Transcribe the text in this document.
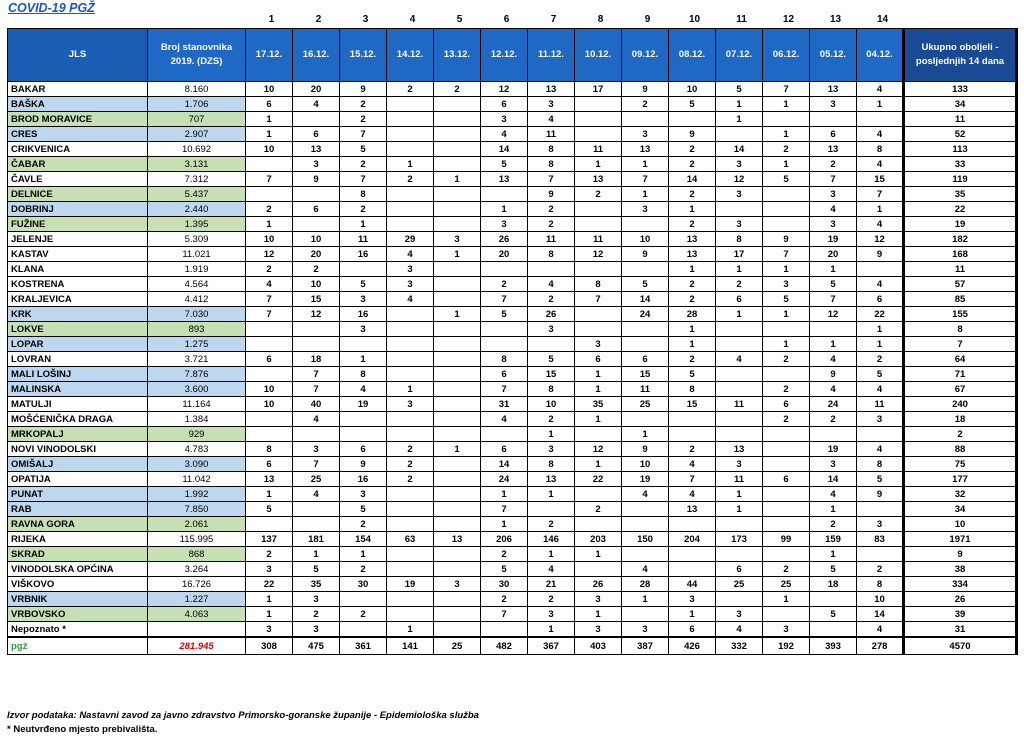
COVID-19 PGŽ
1	2	3	4	5	6	7	8	9	10	11	12	13	14
JLS	Broj stanovnika 2019. (DZS)	17.12.	16.12.	15.12.	14.12.	13.12.	12.12.	11.12.	10.12.	09.12.	08.12.	07.12.	06.12.	05.12.	04.12.	Ukupno oboljeli - posljednjih 14 dana
BAKAR	8.160	10	20	9	2	2	12	13	17	9	10	5	7	13	4	133
BAŠKA	1.706	6	4	2			6	3		2	5	1	1	3	1	34
BROD MORAVICE	707	1		2			3	4				1				11
CRES	2.907	1	6	7			4	11		3	9		1	6	4	52
CRIKVENICA	10.692	10	13	5			14	8	11	13	2	14	2	13	8	113
ČABAR	3.131		3	2	1		5	8	1	1	2	3	1	2	4	33
ČAVLE	7.312	7	9	7	2	1	13	7	13	7	14	12	5	7	15	119
DELNICE	5.437			8				9	2	1	2	3		3	7	35
DOBRINJ	2.440	2	6	2			1	2		3	1			4	1	22
FUŽINE	1.395	1		1			3	2			2	3		3	4	19
JELENJE	5.309	10	10	11	29	3	26	11	11	10	13	8	9	19	12	182
KASTAV	11.021	12	20	16	4	1	20	8	12	9	13	17	7	20	9	168
KLANA	1.919	2	2		3						1	1	1	1		11
KOSTRENA	4.564	4	10	5	3		2	4	8	5	2	2	3	5	4	57
KRALJEVICA	4.412	7	15	3	4		7	2	7	14	2	6	5	7	6	85
KRK	7.030	7	12	16		1	5	26		24	28	1	1	12	22	155
LOKVE	893			3				3			1				1	8
LOPAR	1.275								3		1		1	1	1	7
LOVRAN	3.721	6	18	1			8	5	6	6	2	4	2	4	2	64
MALI LOŠINJ	7.876		7	8			6	15	1	15	5			9	5	71
MALINSKA	3.600	10	7	4	1		7	8	1	11	8		2	4	4	67
MATULJI	11.164	10	40	19	3		31	10	35	25	15	11	6	24	11	240
MOŠĆENIČKA DRAGA	1.384		4				4	2	1				2	2	3	18
MRKOPALJ	929							1		1						2
NOVI VINODOLSKI	4.783	8	3	6	2	1	6	3	12	9	2	13		19	4	88
OMIŠALJ	3.090	6	7	9	2		14	8	1	10	4	3		3	8	75
OPATIJA	11.042	13	25	16	2		24	13	22	19	7	11	6	14	5	177
PUNAT	1.992	1	4	3			1	1		4	4	1		4	9	32
RAB	7.850	5		5			7		2		13	1		1		34
RAVNA GORA	2.061			2			1	2						2	3	10
RIJEKA	115.995	137	181	154	63	13	206	146	203	150	204	173	99	159	83	1971
SKRAD	868	2	1	1			2	1	1					1		9
VINODOLSKA OPĆINA	3.264	3	5	2			5	4		4		6	2	5	2	38
VIŠKOVO	16.726	22	35	30	19	3	30	21	26	28	44	25	25	18	8	334
VRBNIK	1.227	1	3				2	2	3	1	3		1		10	26
VRBOVSKO	4.063	1	2	2			7	3	1		1	3		5	14	39
Nepoznato *		3	3		1			1	3	3	6	4	3		4	31
pgž	281.945	308	475	361	141	25	482	367	403	387	426	332	192	393	278	4570
Izvor podataka: Nastavni zavod za javno zdravstvo Primorsko-goranske županije - Epidemiološka služba
* Neutvrđeno mjesto prebivališta.
